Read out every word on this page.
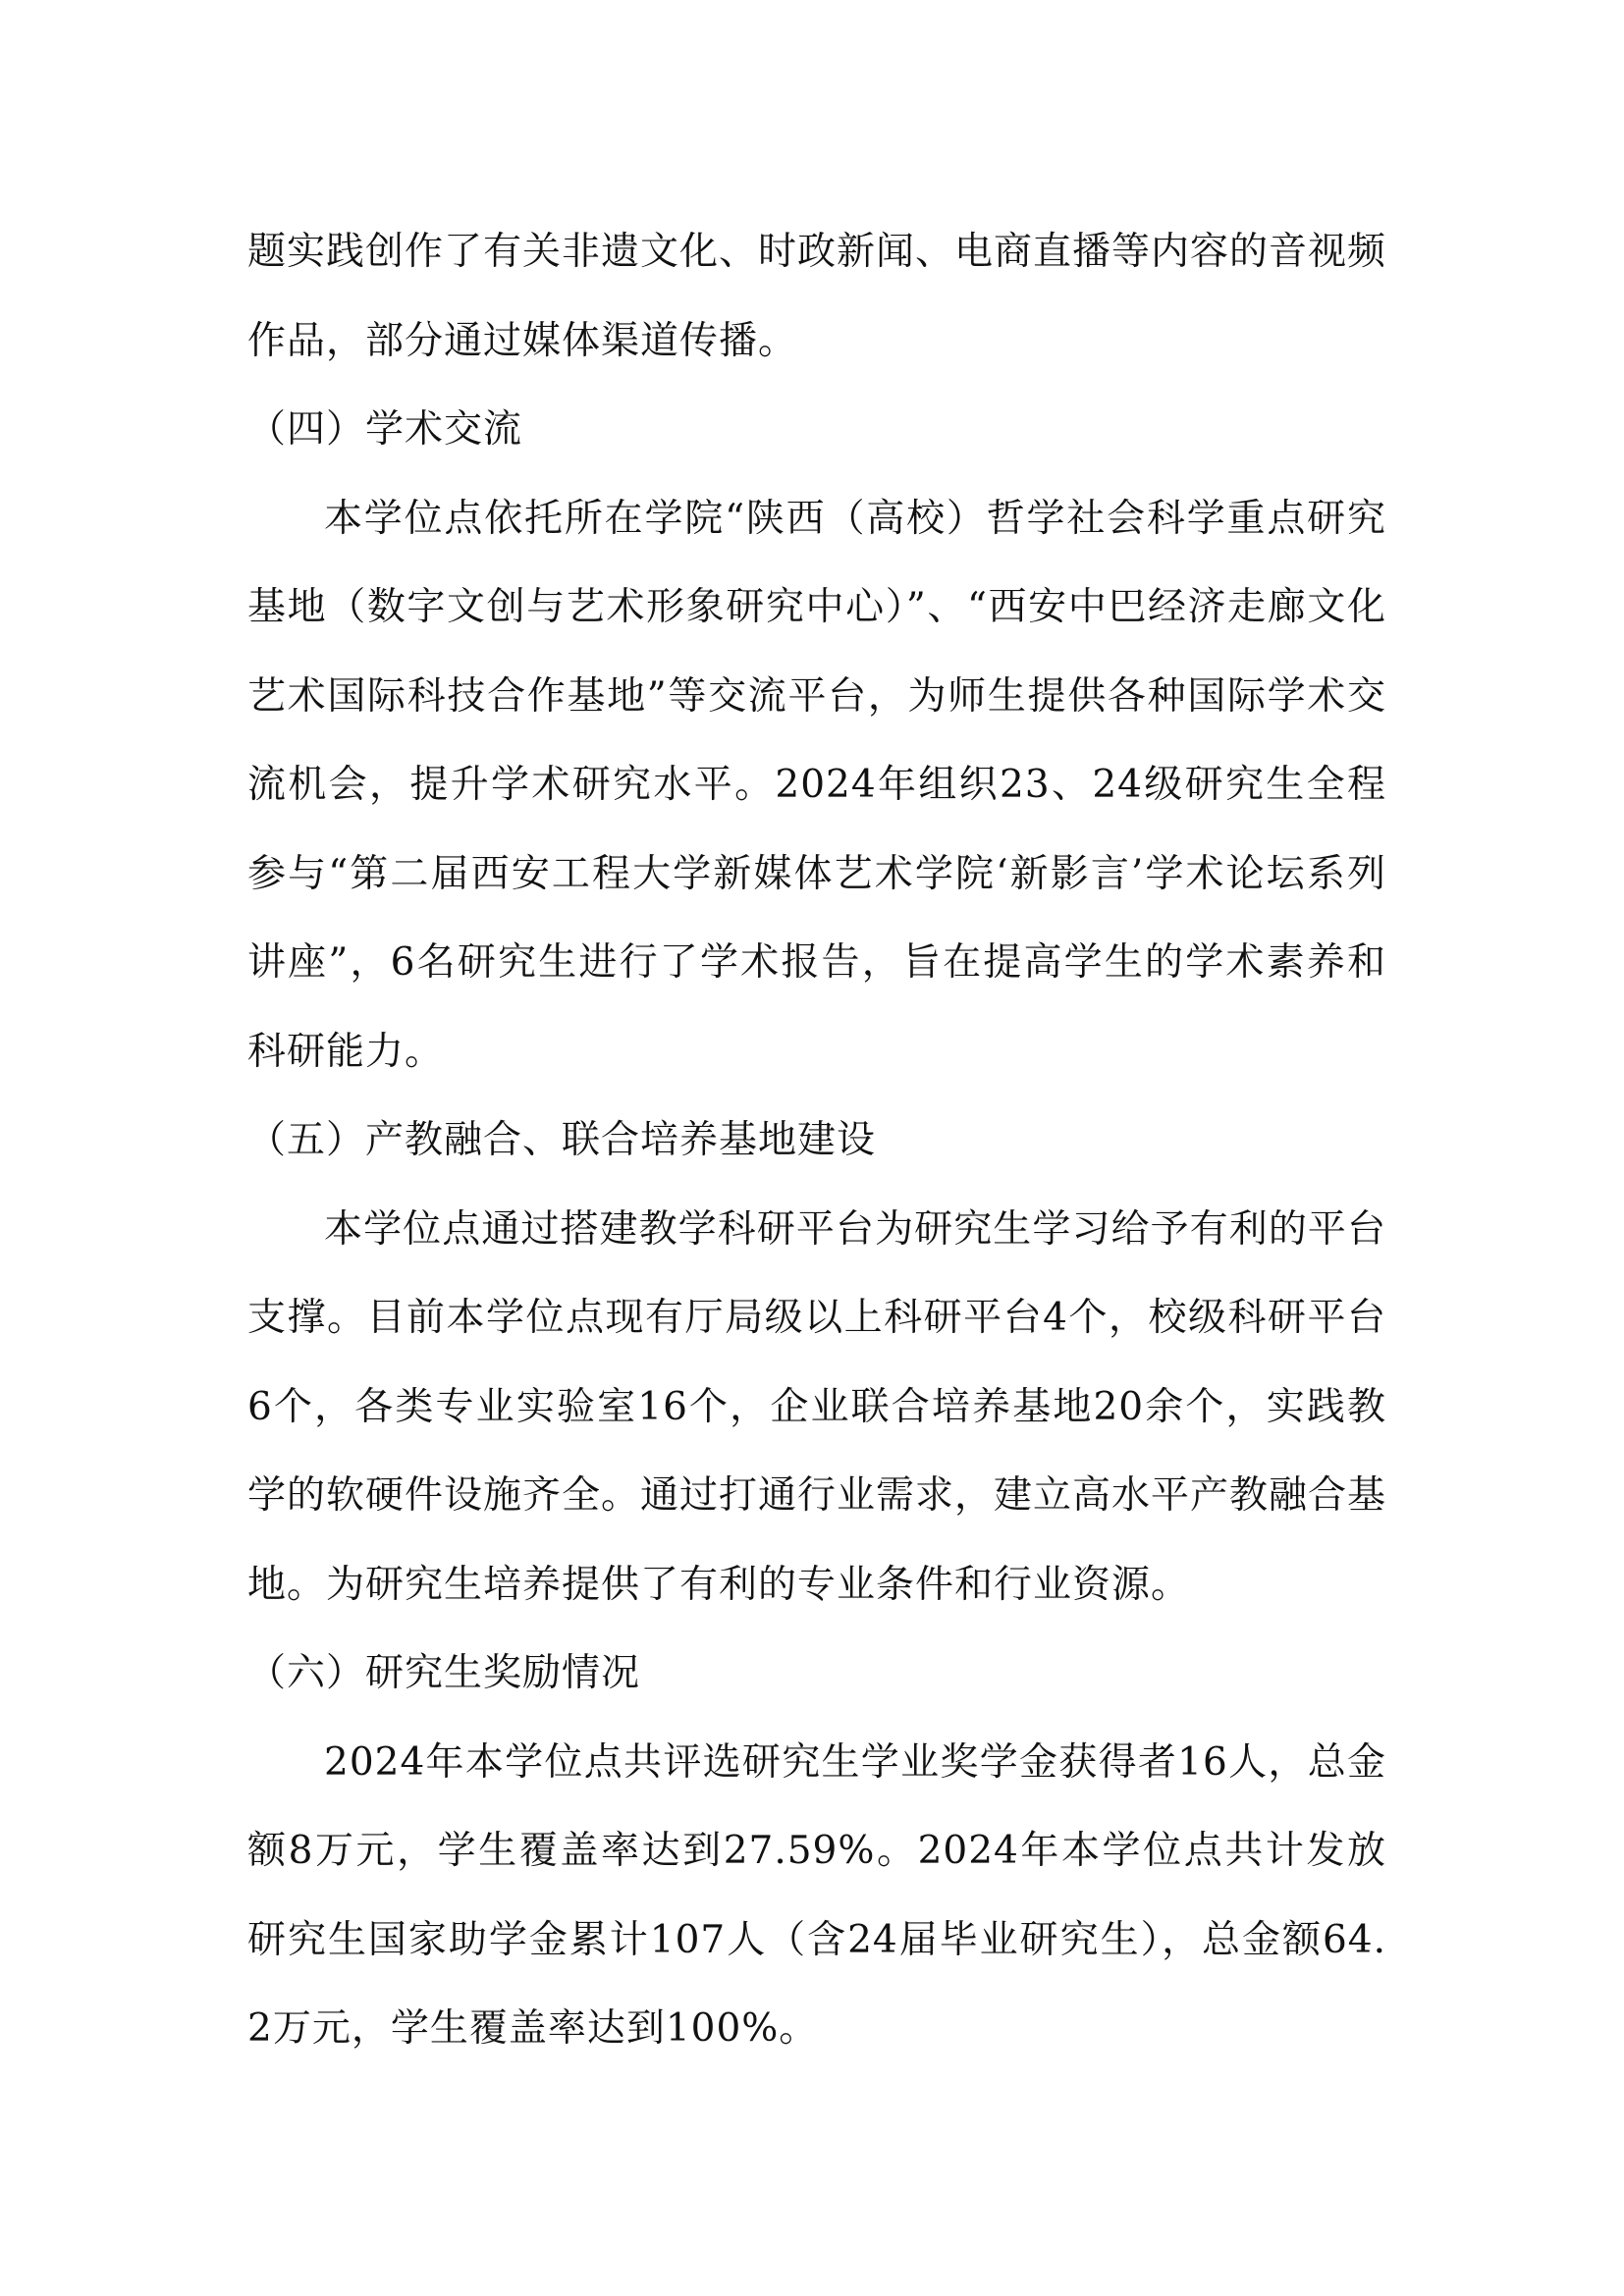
题实践创作了有关非遗文化、时政新闻、电商直播等内容的音视频作品，部分通过媒体渠道传播。

（四）学术交流

本学位点依托所在学院“陕西（高校）哲学社会科学重点研究基地（数字文创与艺术形象研究中心）”、“西安中巴经济走廊文化艺术国际科技合作基地”等交流平台，为师生提供各种国际学术交流机会，提升学术研究水平。2024年组织23、24级研究生全程参与“第二届西安工程大学新媒体艺术学院‘新影言’学术论坛系列讲座”，6名研究生进行了学术报告，旨在提高学生的学术素养和科研能力。

（五）产教融合、联合培养基地建设

本学位点通过搭建教学科研平台为研究生学习给予有利的平台支撑。目前本学位点现有厅局级以上科研平台4个，校级科研平台6个，各类专业实验室16个，企业联合培养基地20余个，实践教学的软硬件设施齐全。通过打通行业需求，建立高水平产教融合基地。为研究生培养提供了有利的专业条件和行业资源。

（六）研究生奖励情况

2024年本学位点共评选研究生学业奖学金获得者16人，总金额8万元，学生覆盖率达到27.59%。2024年本学位点共计发放研究生国家助学金累计107人（含24届毕业研究生），总金额64.2万元，学生覆盖率达到100%。
